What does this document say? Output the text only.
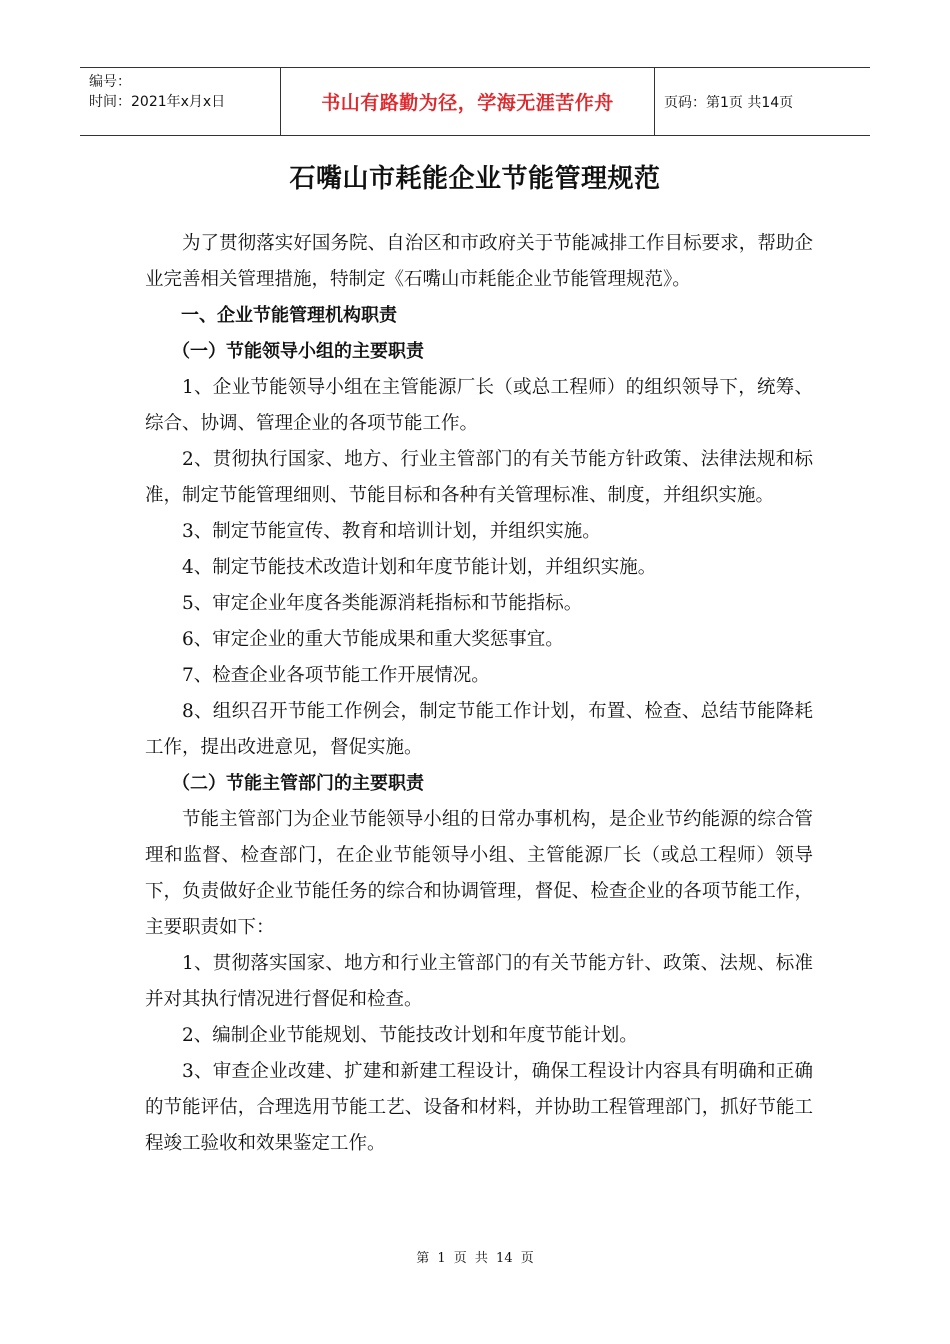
编号：
时间：2021年x月x日	书山有路勤为径，学海无涯苦作舟	页码：第1页 共14页
石嘴山市耗能企业节能管理规范

为了贯彻落实好国务院、自治区和市政府关于节能减排工作目标要求，帮助企业完善相关管理措施，特制定《石嘴山市耗能企业节能管理规范》。

一、企业节能管理机构职责

（一）节能领导小组的主要职责

1、企业节能领导小组在主管能源厂长（或总工程师）的组织领导下，统筹、综合、协调、管理企业的各项节能工作。

2、贯彻执行国家、地方、行业主管部门的有关节能方针政策、法律法规和标准，制定节能管理细则、节能目标和各种有关管理标准、制度，并组织实施。

3、制定节能宣传、教育和培训计划，并组织实施。

4、制定节能技术改造计划和年度节能计划，并组织实施。

5、审定企业年度各类能源消耗指标和节能指标。

6、审定企业的重大节能成果和重大奖惩事宜。

7、检查企业各项节能工作开展情况。

8、组织召开节能工作例会，制定节能工作计划，布置、检查、总结节能降耗工作，提出改进意见，督促实施。

（二）节能主管部门的主要职责

节能主管部门为企业节能领导小组的日常办事机构，是企业节约能源的综合管理和监督、检查部门，在企业节能领导小组、主管能源厂长（或总工程师）领导下，负责做好企业节能任务的综合和协调管理，督促、检查企业的各项节能工作，主要职责如下：

1、贯彻落实国家、地方和行业主管部门的有关节能方针、政策、法规、标准并对其执行情况进行督促和检查。

2、编制企业节能规划、节能技改计划和年度节能计划。

3、审查企业改建、扩建和新建工程设计，确保工程设计内容具有明确和正确的节能评估，合理选用节能工艺、设备和材料，并协助工程管理部门，抓好节能工程竣工验收和效果鉴定工作。

第 1 页 共 14 页
